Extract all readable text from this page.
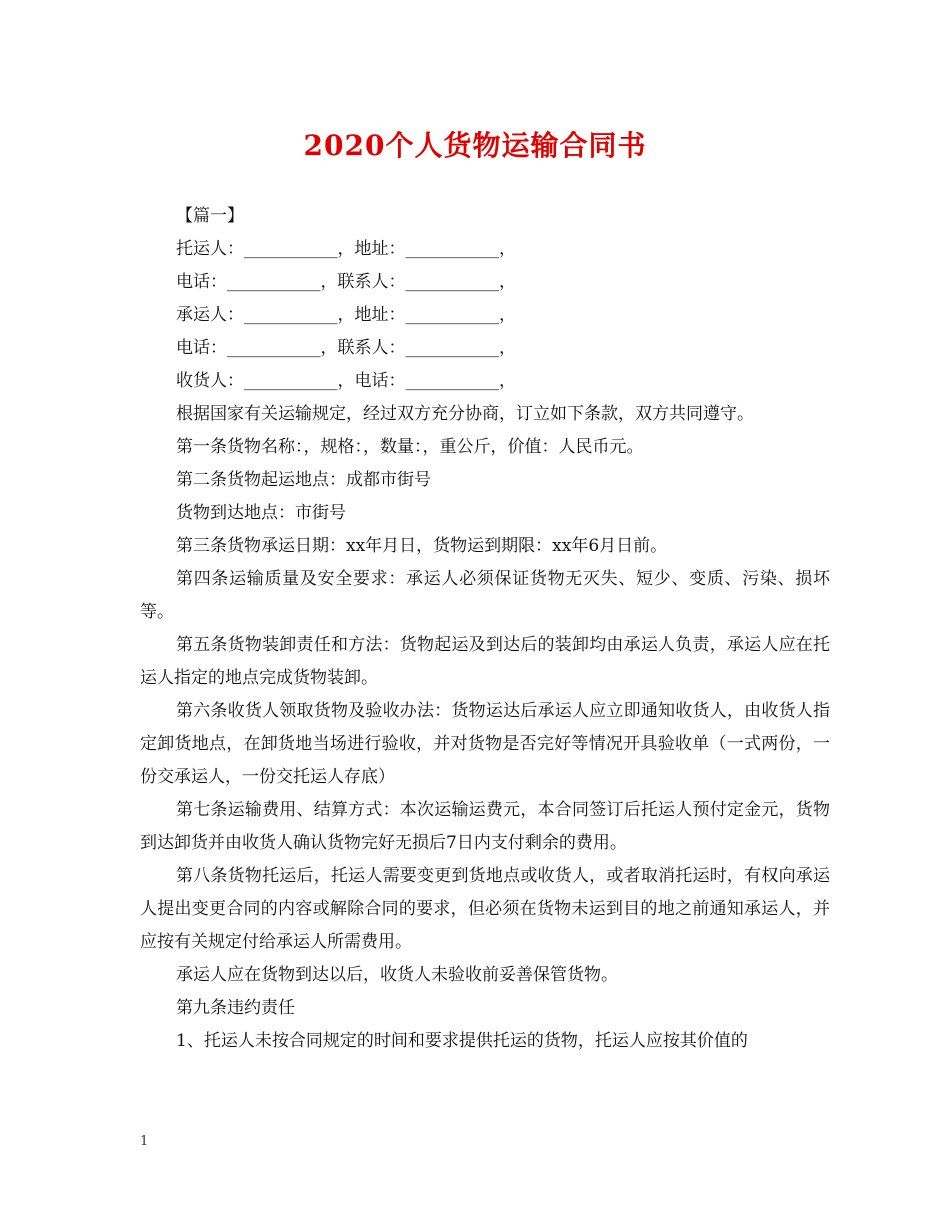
2020个人货物运输合同书
【篇一】
托运人：___________，地址：___________，
电话：___________，联系人：___________，
承运人：___________，地址：___________，
电话：___________，联系人：___________，
收货人：___________，电话：___________，
根据国家有关运输规定，经过双方充分协商，订立如下条款，双方共同遵守。
第一条货物名称：，规格：，数量：，重公斤，价值：人民币元。
第二条货物起运地点：成都市街号
货物到达地点：市街号
第三条货物承运日期：xx年月日，货物运到期限：xx年6月日前。
第四条运输质量及安全要求：承运人必须保证货物无灭失、短少、变质、污染、损坏等。
第五条货物装卸责任和方法：货物起运及到达后的装卸均由承运人负责，承运人应在托运人指定的地点完成货物装卸。
第六条收货人领取货物及验收办法：货物运达后承运人应立即通知收货人，由收货人指定卸货地点，在卸货地当场进行验收，并对货物是否完好等情况开具验收单（一式两份，一份交承运人，一份交托运人存底）
第七条运输费用、结算方式：本次运输运费元，本合同签订后托运人预付定金元，货物到达卸货并由收货人确认货物完好无损后7日内支付剩余的费用。
第八条货物托运后，托运人需要变更到货地点或收货人，或者取消托运时，有权向承运人提出变更合同的内容或解除合同的要求，但必须在货物未运到目的地之前通知承运人，并应按有关规定付给承运人所需费用。
承运人应在货物到达以后，收货人未验收前妥善保管货物。
第九条违约责任
1、托运人未按合同规定的时间和要求提供托运的货物，托运人应按其价值的
1
